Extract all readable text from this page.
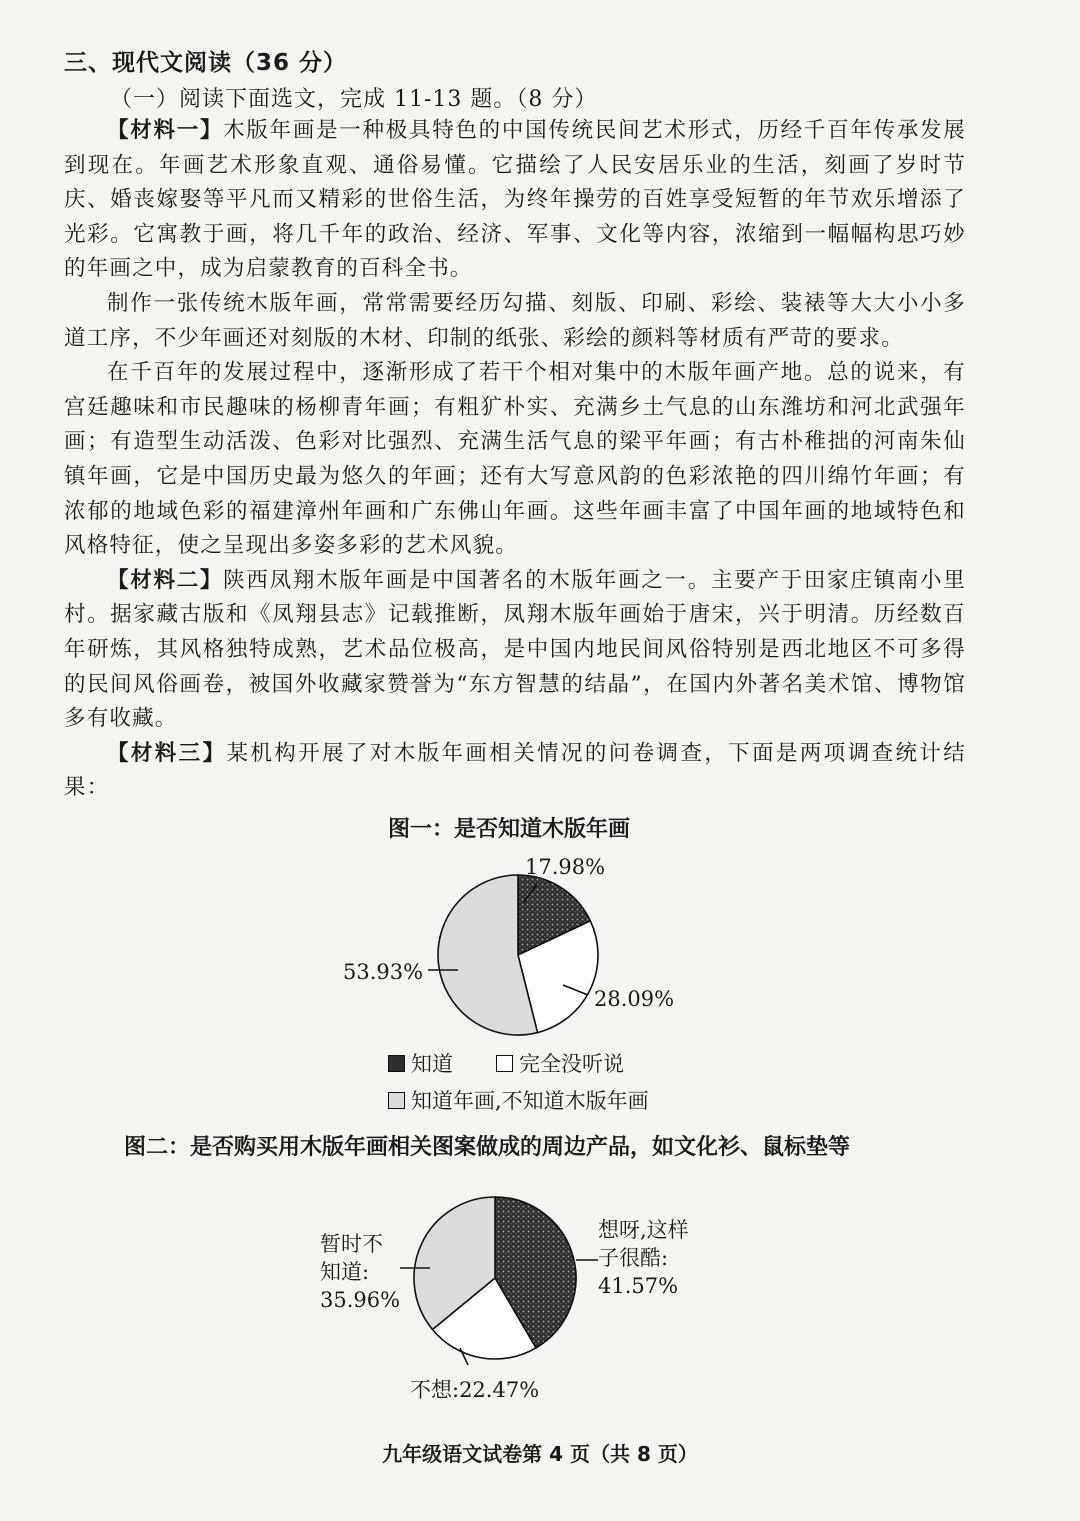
三、现代文阅读（36 分）
（一）阅读下面选文，完成 11-13 题。（8 分）

【材料一】木版年画是一种极具特色的中国传统民间艺术形式，历经千百年传承发展到现在。年画艺术形象直观、通俗易懂。它描绘了人民安居乐业的生活，刻画了岁时节庆、婚丧嫁娶等平凡而又精彩的世俗生活，为终年操劳的百姓享受短暂的年节欢乐增添了光彩。它寓教于画，将几千年的政治、经济、军事、文化等内容，浓缩到一幅幅构思巧妙的年画之中，成为启蒙教育的百科全书。

制作一张传统木版年画，常常需要经历勾描、刻版、印刷、彩绘、装裱等大大小小多道工序，不少年画还对刻版的木材、印制的纸张、彩绘的颜料等材质有严苛的要求。

在千百年的发展过程中，逐渐形成了若干个相对集中的木版年画产地。总的说来，有宫廷趣味和市民趣味的杨柳青年画；有粗犷朴实、充满乡土气息的山东潍坊和河北武强年画；有造型生动活泼、色彩对比强烈、充满生活气息的梁平年画；有古朴稚拙的河南朱仙镇年画，它是中国历史最为悠久的年画；还有大写意风韵的色彩浓艳的四川绵竹年画；有浓郁的地域色彩的福建漳州年画和广东佛山年画。这些年画丰富了中国年画的地域特色和风格特征，使之呈现出多姿多彩的艺术风貌。

【材料二】陕西凤翔木版年画是中国著名的木版年画之一。主要产于田家庄镇南小里村。据家藏古版和《凤翔县志》记载推断，凤翔木版年画始于唐宋，兴于明清。历经数百年研炼，其风格独特成熟，艺术品位极高，是中国内地民间风俗特别是西北地区不可多得的民间风俗画卷，被国外收藏家赞誉为“东方智慧的结晶”，在国内外著名美术馆、博物馆多有收藏。

【材料三】某机构开展了对木版年画相关情况的问卷调查，下面是两项调查统计结果：

图一：是否知道木版年画
17.98%
28.09%
53.93%
知道	完全没听说
知道年画,不知道木版年画
图二：是否购买用木版年画相关图案做成的周边产品，如文化衫、鼠标垫等
想呀,这样
子很酷:
41.57%
暂时不
知道:
35.96%
不想:22.47%
九年级语文试卷第 4 页（共 8 页）
